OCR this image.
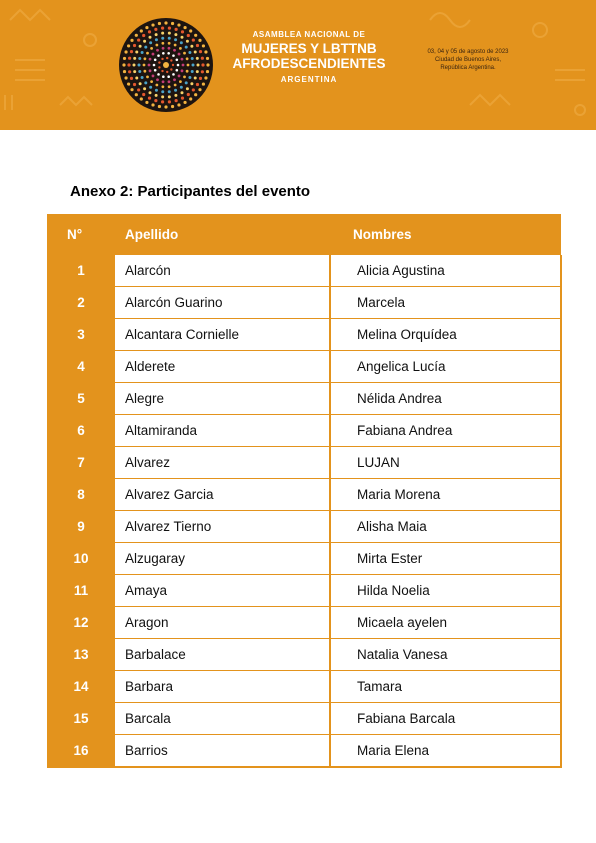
ASAMBLEA NACIONAL DE
MUJERES Y LBTTNB
AFRODESCENDIENTES
ARGENTINA
03, 04 y 05 de agosto de 2023
Ciudad de Buenos Aires,
República Argentina.
Anexo 2: Participantes del evento
N°	Apellido	Nombres
1	Alarcón	Alicia Agustina
2	Alarcón Guarino	Marcela
3	Alcantara Cornielle	Melina Orquídea
4	Alderete	Angelica Lucía
5	Alegre	Nélida Andrea
6	Altamiranda	Fabiana Andrea
7	Alvarez	LUJAN
8	Alvarez Garcia	Maria Morena
9	Alvarez Tierno	Alisha Maia
10	Alzugaray	Mirta Ester
11	Amaya	Hilda Noelia
12	Aragon	Micaela ayelen
13	Barbalace	Natalia Vanesa
14	Barbara	Tamara
15	Barcala	Fabiana Barcala
16	Barrios	Maria Elena
